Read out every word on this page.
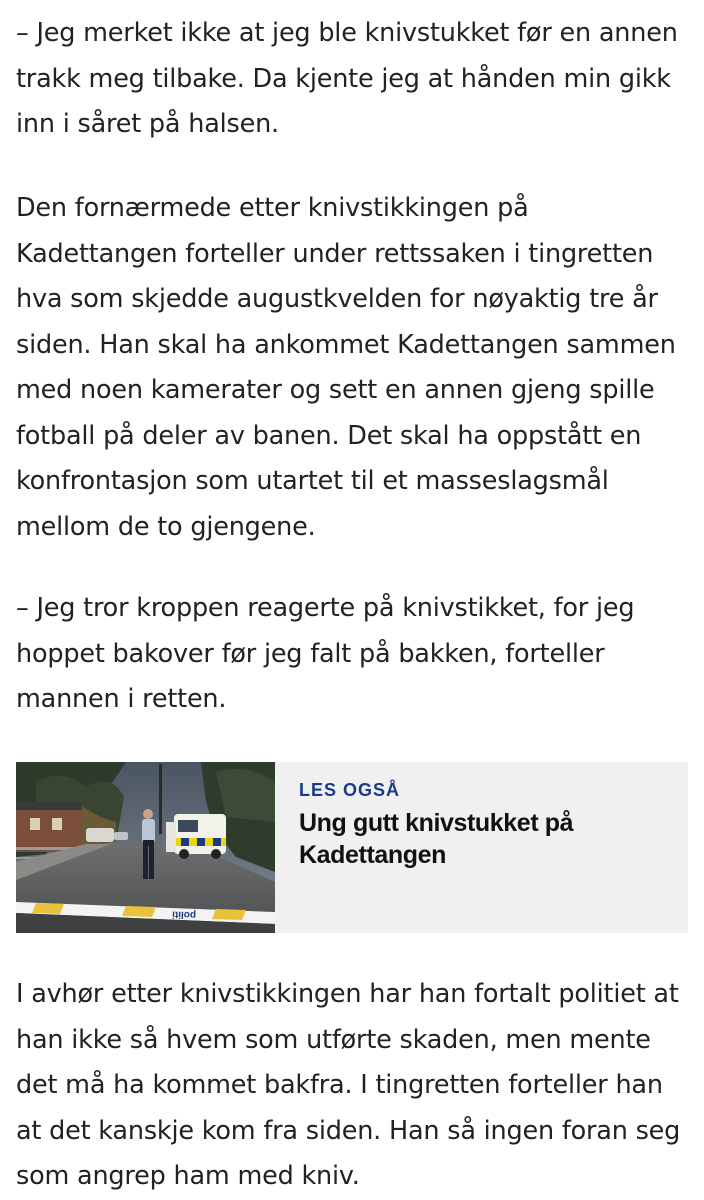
– Jeg merket ikke at jeg ble knivstukket før en annen trakk meg tilbake. Da kjente jeg at hånden min gikk inn i såret på halsen.

Den fornærmede etter knivstikkingen på Kadettangen forteller under rettssaken i tingretten hva som skjedde augustkvelden for nøyaktig tre år siden. Han skal ha ankommet Kadettangen sammen med noen kamerater og sett en annen gjeng spille fotball på deler av banen. Det skal ha oppstått en konfrontasjon som utartet til et masseslagsmål mellom de to gjengene.

– Jeg tror kroppen reagerte på knivstikket, for jeg hoppet bakover før jeg falt på bakken, forteller mannen i retten.

politi
LES OGSÅ
Ung gutt knivstukket på Kadettangen

I avhør etter knivstikkingen har han fortalt politiet at han ikke så hvem som utførte skaden, men mente det må ha kommet bakfra. I tingretten forteller han at det kanskje kom fra siden. Han så ingen foran seg som angrep ham med kniv.
